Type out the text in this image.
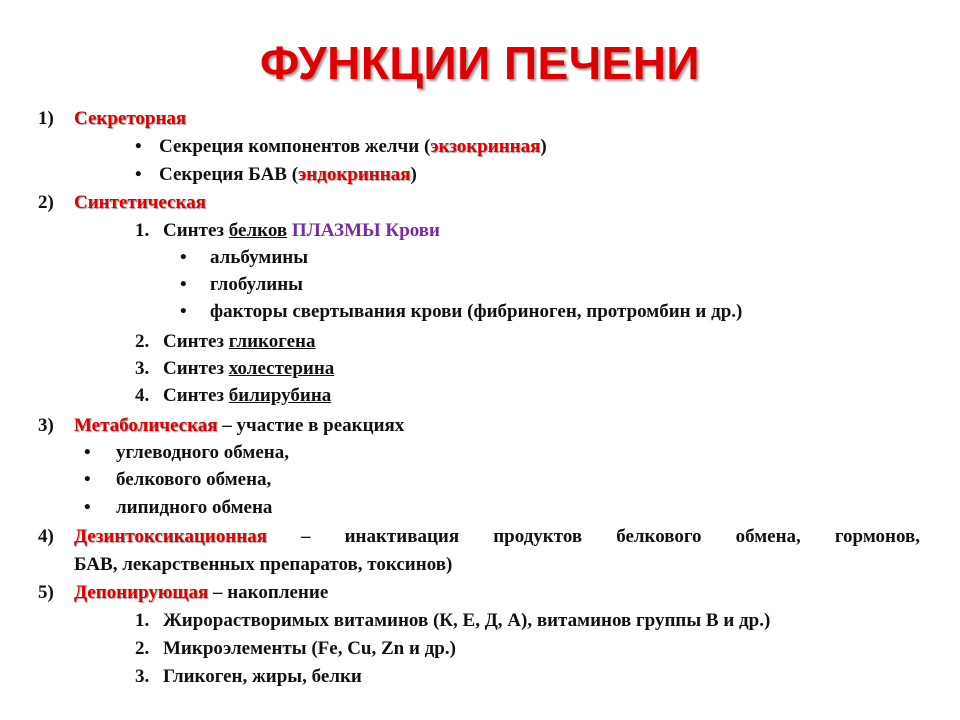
ФУНКЦИИ ПЕЧЕНИ
1) Секреторная
• Секреция компонентов желчи (экзокринная)
• Секреция БАВ (эндокринная)
2) Синтетическая
1. Синтез белков ПЛАЗМЫ Крови
• альбумины
• глобулины
• факторы свертывания крови (фибриноген, протромбин и др.)
2. Синтез гликогена
3. Синтез холестерина
4. Синтез билирубина
3) Метаболическая – участие в реакциях
• углеводного обмена,
• белкового обмена,
• липидного обмена
4) Дезинтоксикационная – инактивация продуктов белкового обмена, гормонов,
БАВ, лекарственных препаратов, токсинов)
5) Депонирующая – накопление
1. Жирорастворимых витаминов (К, Е, Д, А), витаминов группы В и др.)
2. Микроэлементы (Fe, Cu, Zn и др.)
3. Гликоген, жиры, белки
